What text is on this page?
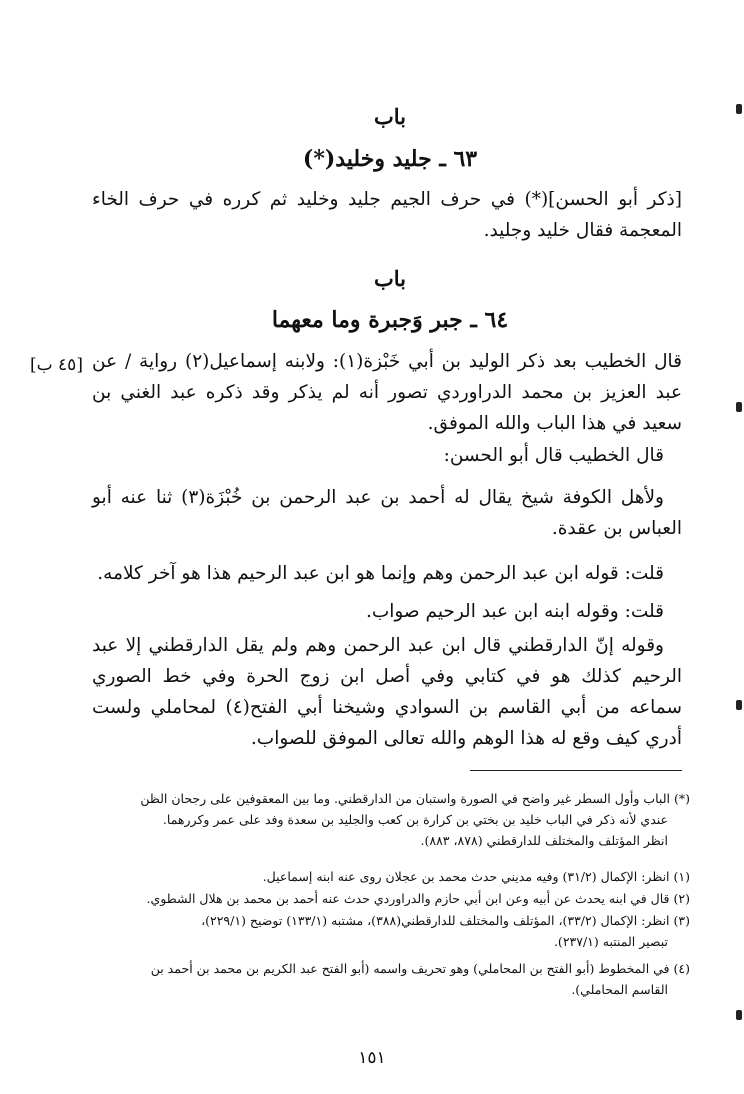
باب
٦٣ ـ جليد وخليد(*)

[ذكر أبو الحسن](*) في حرف الجيم جليد وخليد ثم كرره في حرف الخاء المعجمة فقال خليد وجليد.

باب
٦٤ ـ جبر وَجبرة وما معهما
[٤٥ ب] قال الخطيب بعد ذكر الوليد بن أبي خَبْزة(١): ولابنه إسماعيل(٢) رواية / عن عبد العزيز بن محمد الدراوردي تصور أنه لم يذكر وقد ذكره عبد الغني بن سعيد في هذا الباب والله الموفق.

قال الخطيب قال أبو الحسن:

ولأهل الكوفة شيخ يقال له أحمد بن عبد الرحمن بن خُبْزَة(٣) ثنا عنه أبو العباس بن عقدة.

قلت: قوله ابن عبد الرحمن وهم وإنما هو ابن عبد الرحيم هذا هو آخر كلامه.

قلت: وقوله ابنه ابن عبد الرحيم صواب.

وقوله إنّ الدارقطني قال ابن عبد الرحمن وهم ولم يقل الدارقطني إلا عبد الرحيم كذلك هو في كتابي وفي أصل ابن زوج الحرة وفي خط الصوري سماعه من أبي القاسم بن السوادي وشيخنا أبي الفتح(٤) لمحاملي ولست أدري كيف وقع له هذا الوهم والله تعالى الموفق للصواب.

(*) الباب وأول السطر غير واضح في الصورة واستبان من الدارقطني. وما بين المعقوفين على رجحان الظن
عندي لأنه ذكر في الباب خليد بن بختي بن كرارة بن كعب والجليد بن سعدة وفد على عمر وكررهما.
انظر المؤتلف والمختلف للدارقطني (٨٧٨، ٨٨٣).
(١) انظر: الإكمال (٣١/٢) وفيه مديني حدث محمد بن عجلان روى عنه ابنه إسماعيل.
(٢) قال في ابنه يحدث عن أبيه وعن ابن أبي حازم والدراوردي حدث عنه أحمد بن محمد بن هلال الشطوي.
(٣) انظر: الإكمال (٣٣/٢)، المؤتلف والمختلف للدارقطني(٣٨٨)، مشتبه (١٣٣/١) توضيح (٢٢٩/١)،
تبصير المنتبه (٢٣٧/١).
(٤) في المخطوط (أبو الفتح بن المحاملي) وهو تحريف واسمه (أبو الفتح عبد الكريم بن محمد بن أحمد بن
القاسم المحاملي).
١٥١
